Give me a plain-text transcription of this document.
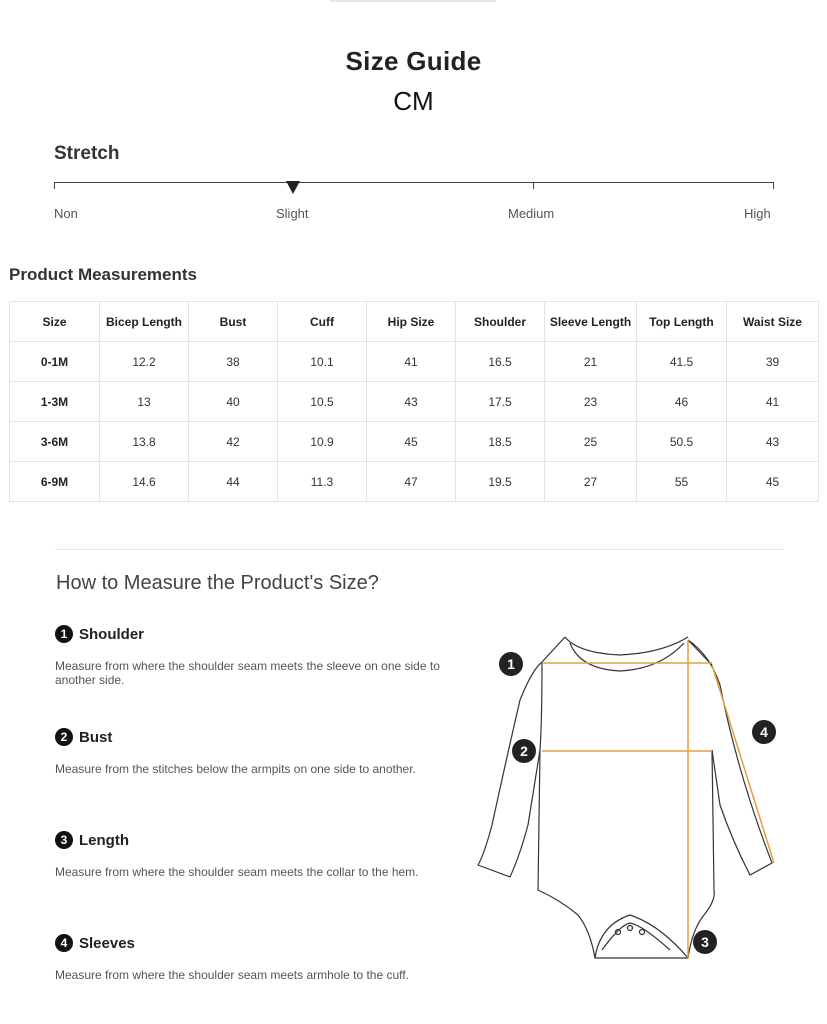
Size Guide
CM
Stretch
Non	Slight	Medium	High
Product Measurements
Size	Bicep Length	Bust	Cuff	Hip Size	Shoulder	Sleeve Length	Top Length	Waist Size
0-1M	12.2	38	10.1	41	16.5	21	41.5	39
1-3M	13	40	10.5	43	17.5	23	46	41
3-6M	13.8	42	10.9	45	18.5	25	50.5	43
6-9M	14.6	44	11.3	47	19.5	27	55	45
How to Measure the Product's Size?
1 Shoulder
Measure from where the shoulder seam meets the sleeve on one side to another side.
2 Bust
Measure from the stitches below the armpits on one side to another.
3 Length
Measure from where the shoulder seam meets the collar to the hem.
4 Sleeves
Measure from where the shoulder seam meets armhole to the cuff.
1
2
3
4
